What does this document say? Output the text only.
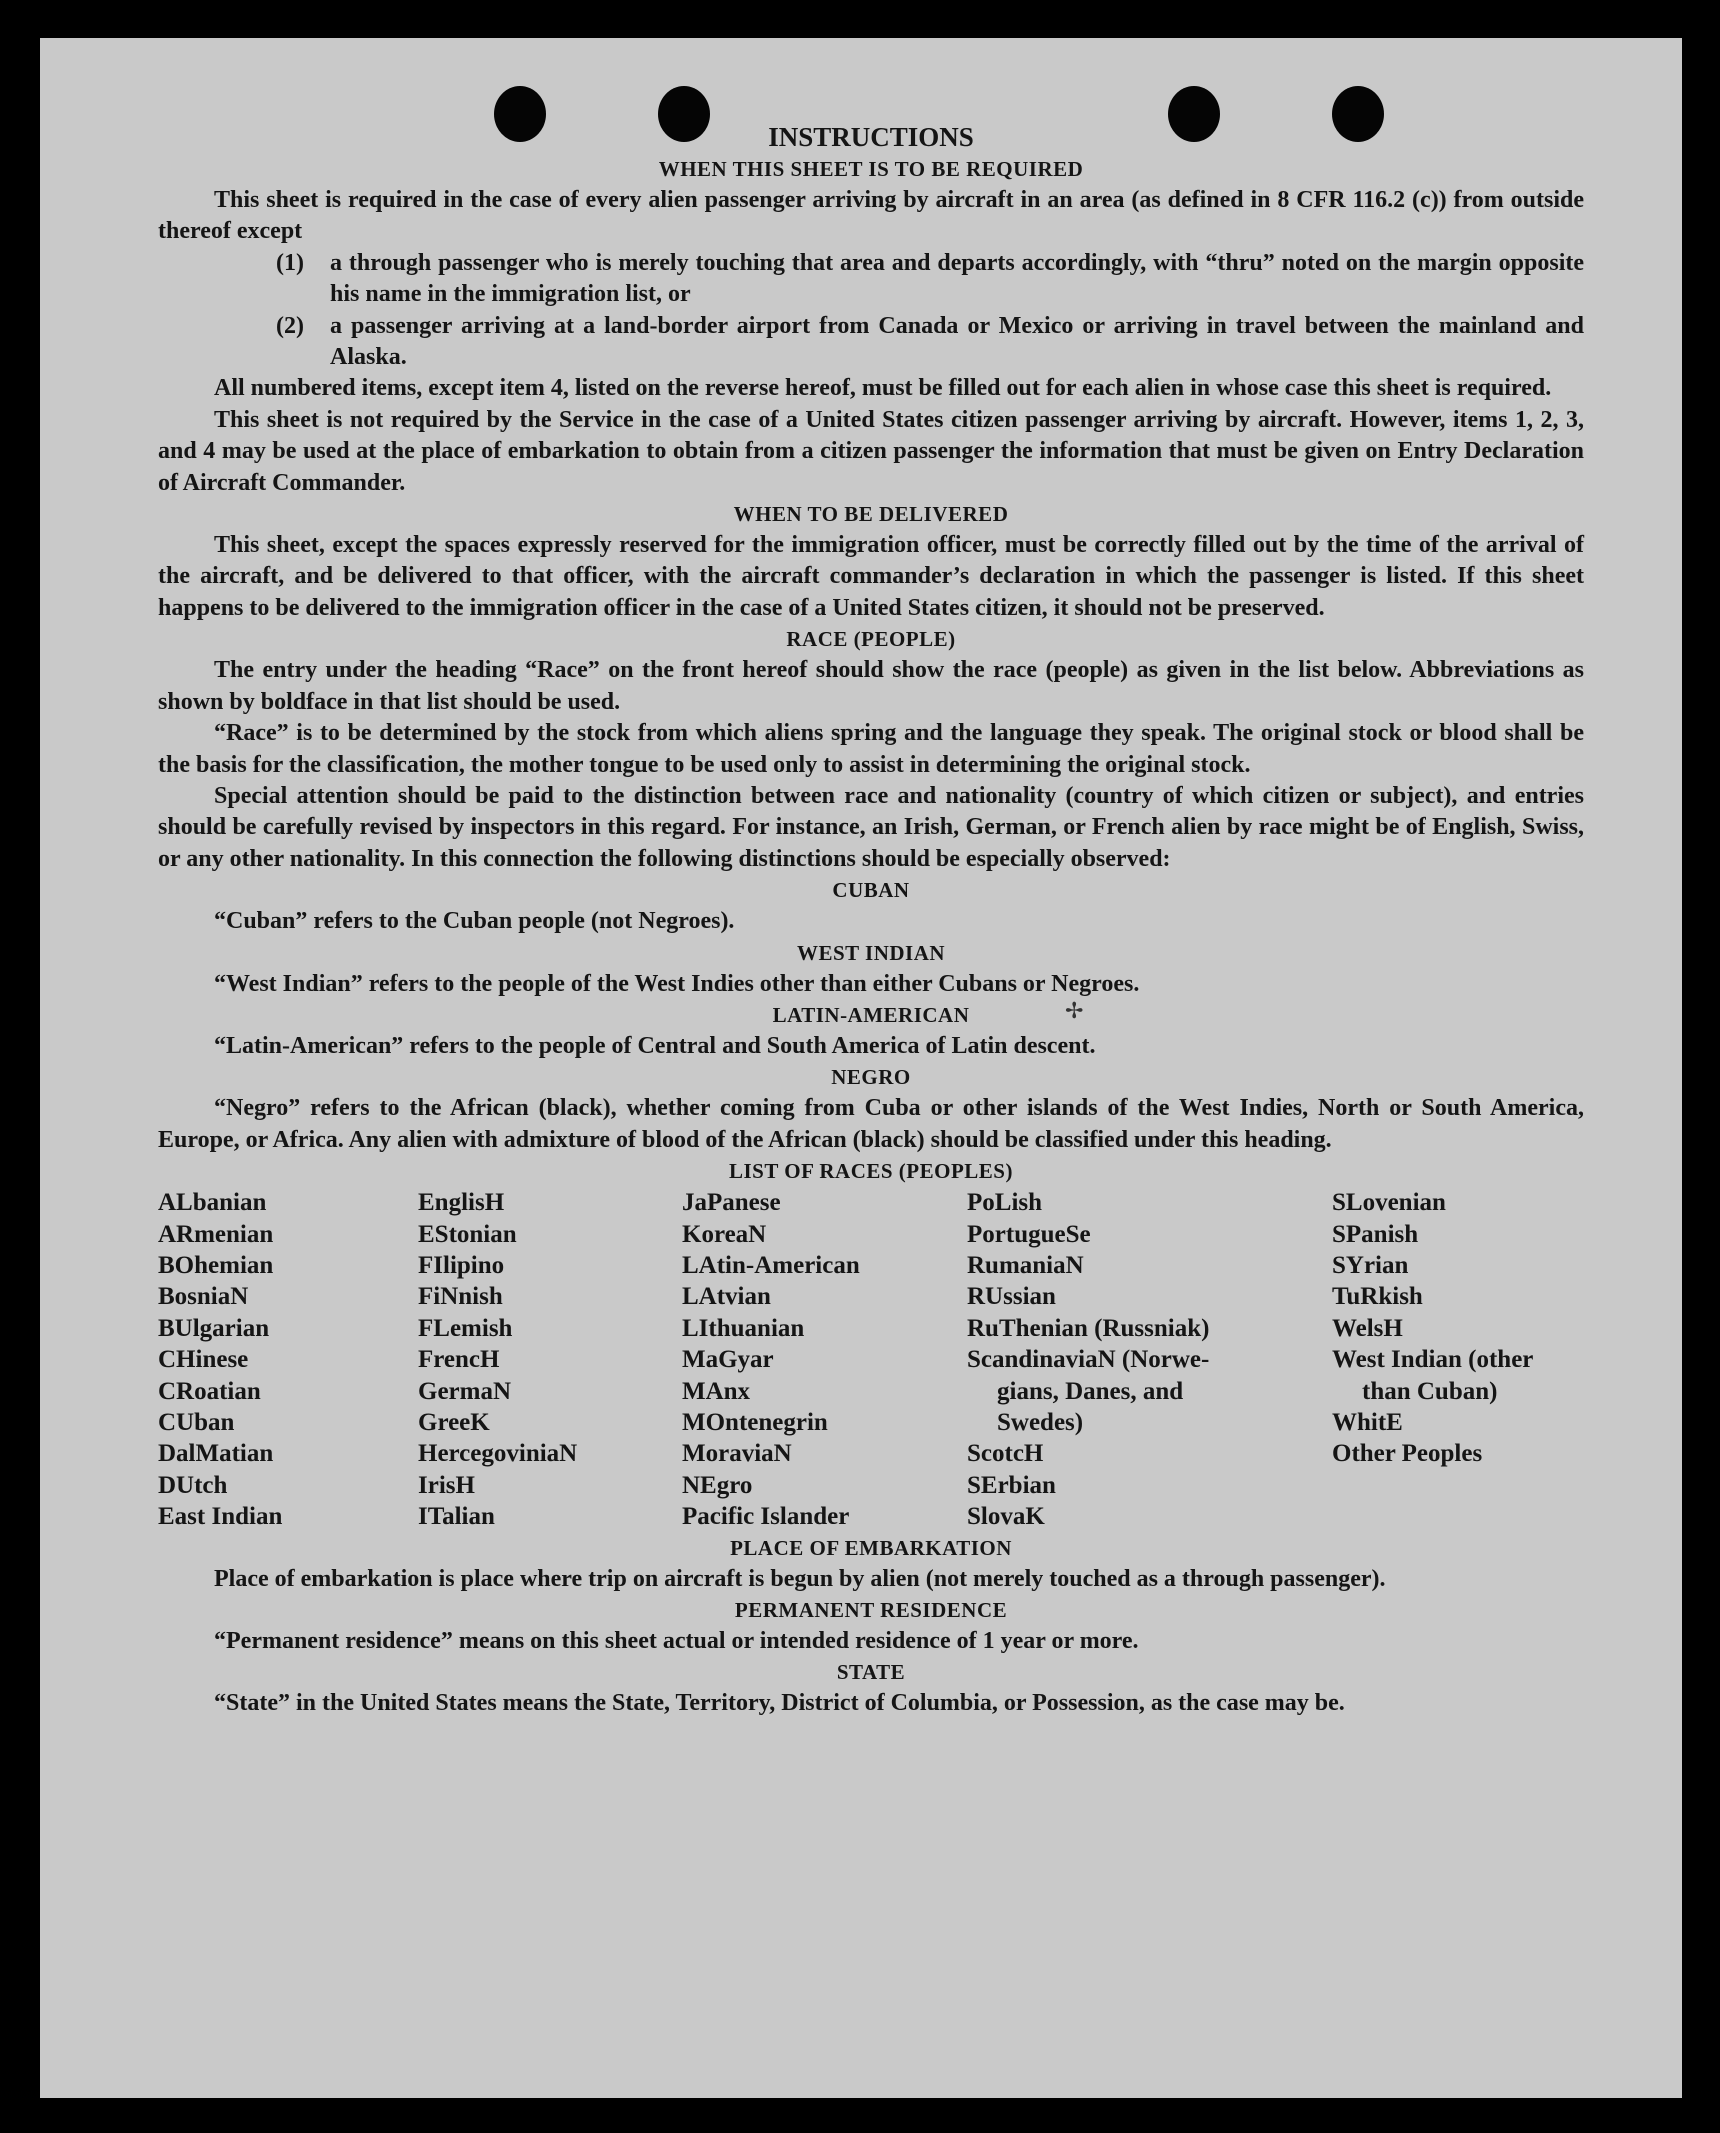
✢
INSTRUCTIONS
WHEN THIS SHEET IS TO BE REQUIRED

This sheet is required in the case of every alien passenger arriving by aircraft in an area (as defined in 8 CFR 116.2 (c)) from outside thereof except

(1)	a through passenger who is merely touching that area and departs accordingly, with “thru” noted on the margin opposite his name in the immigration list, or
(2)	a passenger arriving at a land-border airport from Canada or Mexico or arriving in travel between the mainland and Alaska.

All numbered items, except item 4, listed on the reverse hereof, must be filled out for each alien in whose case this sheet is required.

This sheet is not required by the Service in the case of a United States citizen passenger arriving by aircraft. However, items 1, 2, 3, and 4 may be used at the place of embarkation to obtain from a citizen passenger the information that must be given on Entry Declaration of Aircraft Commander.

WHEN TO BE DELIVERED

This sheet, except the spaces expressly reserved for the immigration officer, must be correctly filled out by the time of the arrival of the aircraft, and be delivered to that officer, with the aircraft commander’s declaration in which the passenger is listed. If this sheet happens to be delivered to the immigration officer in the case of a United States citizen, it should not be preserved.

RACE (PEOPLE)

The entry under the heading “Race” on the front hereof should show the race (people) as given in the list below. Abbreviations as shown by boldface in that list should be used.

“Race” is to be determined by the stock from which aliens spring and the language they speak. The original stock or blood shall be the basis for the classification, the mother tongue to be used only to assist in determining the original stock.

Special attention should be paid to the distinction between race and nationality (country of which citizen or subject), and entries should be carefully revised by inspectors in this regard. For instance, an Irish, German, or French alien by race might be of English, Swiss, or any other nationality. In this connection the following distinctions should be especially observed:

CUBAN

“Cuban” refers to the Cuban people (not Negroes).

WEST INDIAN

“West Indian” refers to the people of the West Indies other than either Cubans or Negroes.

LATIN-AMERICAN

“Latin-American” refers to the people of Central and South America of Latin descent.

NEGRO

“Negro” refers to the African (black), whether coming from Cuba or other islands of the West Indies, North or South America, Europe, or Africa. Any alien with admixture of blood of the African (black) should be classified under this heading.

LIST OF RACES (PEOPLES)
ALbanian
ARmenian
BOhemian
BosniaN
BUlgarian
CHinese
CRoatian
CUban
DalMatian
DUtch
East Indian
EnglisH
EStonian
FIlipino
FiNnish
FLemish
FrencH
GermaN
GreeK
HercegoviniaN
IrisH
ITalian
JaPanese
KoreaN
LAtin-American
LAtvian
LIthuanian
MaGyar
MAnx
MOntenegrin
MoraviaN
NEgro
Pacific Islander
PoLish
PortugueSe
RumaniaN
RUssian
RuThenian (Russniak)
ScandinaviaN (Norwe-
gians, Danes, and
Swedes)
ScotcH
SErbian
SlovaK
SLovenian
SPanish
SYrian
TuRkish
WelsH
West Indian (other
than Cuban)
WhitE
Other Peoples
PLACE OF EMBARKATION

Place of embarkation is place where trip on aircraft is begun by alien (not merely touched as a through passenger).

PERMANENT RESIDENCE

“Permanent residence” means on this sheet actual or intended residence of 1 year or more.

STATE

“State” in the United States means the State, Territory, District of Columbia, or Possession, as the case may be.
